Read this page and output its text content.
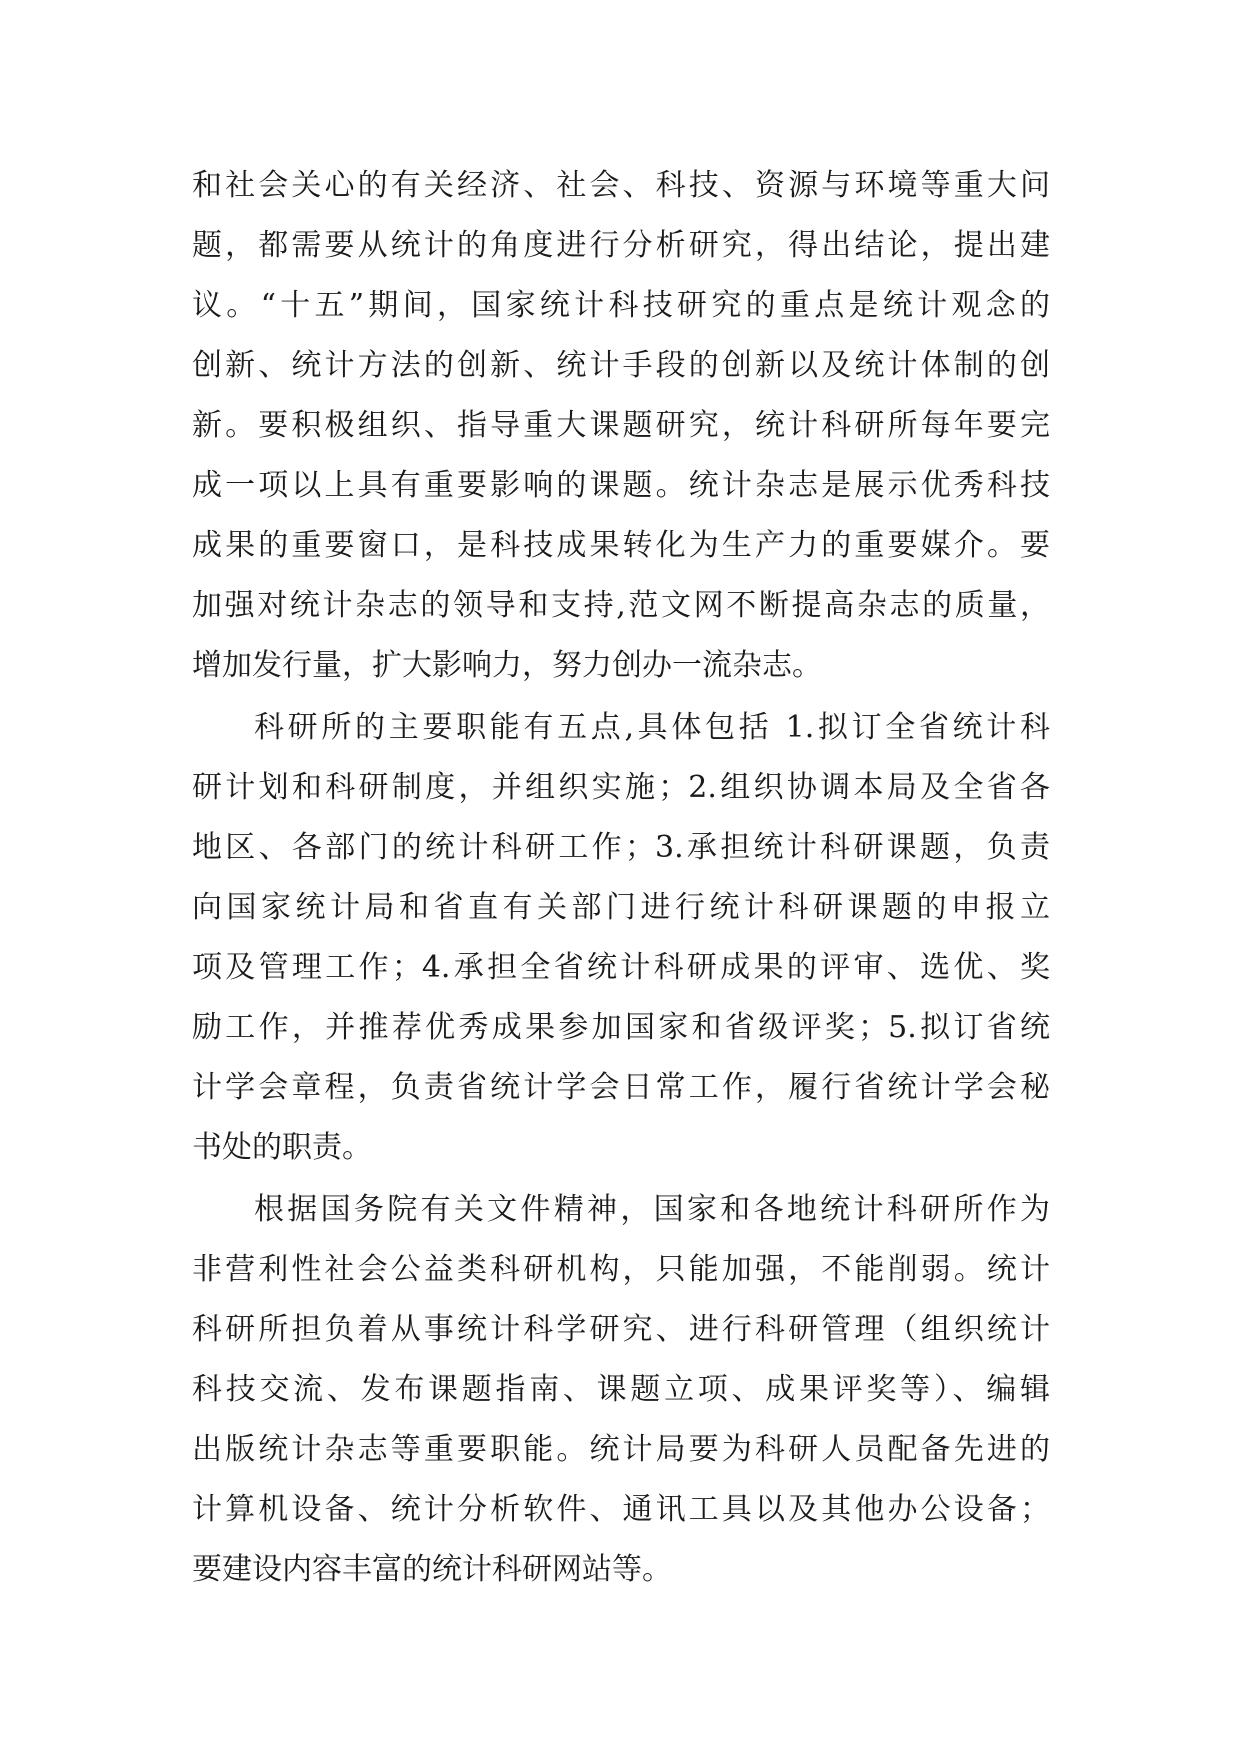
和社会关心的有关经济、社会、科技、资源与环境等重大问
题，都需要从统计的角度进行分析研究，得出结论，提出建
议。“十五”期间，国家统计科技研究的重点是统计观念的
创新、统计方法的创新、统计手段的创新以及统计体制的创
新。要积极组织、指导重大课题研究，统计科研所每年要完
成一项以上具有重要影响的课题。统计杂志是展示优秀科技
成果的重要窗口，是科技成果转化为生产力的重要媒介。要
加强对统计杂志的领导和支持,范文网不断提高杂志的质量，
增加发行量，扩大影响力，努力创办一流杂志。
科研所的主要职能有五点,具体包括 1.拟订全省统计科
研计划和科研制度，并组织实施；2.组织协调本局及全省各
地区、各部门的统计科研工作；3.承担统计科研课题，负责
向国家统计局和省直有关部门进行统计科研课题的申报立
项及管理工作；4.承担全省统计科研成果的评审、选优、奖
励工作，并推荐优秀成果参加国家和省级评奖；5.拟订省统
计学会章程，负责省统计学会日常工作，履行省统计学会秘
书处的职责。
根据国务院有关文件精神，国家和各地统计科研所作为
非营利性社会公益类科研机构，只能加强，不能削弱。统计
科研所担负着从事统计科学研究、进行科研管理（组织统计
科技交流、发布课题指南、课题立项、成果评奖等）、编辑
出版统计杂志等重要职能。统计局要为科研人员配备先进的
计算机设备、统计分析软件、通讯工具以及其他办公设备；
要建设内容丰富的统计科研网站等。
